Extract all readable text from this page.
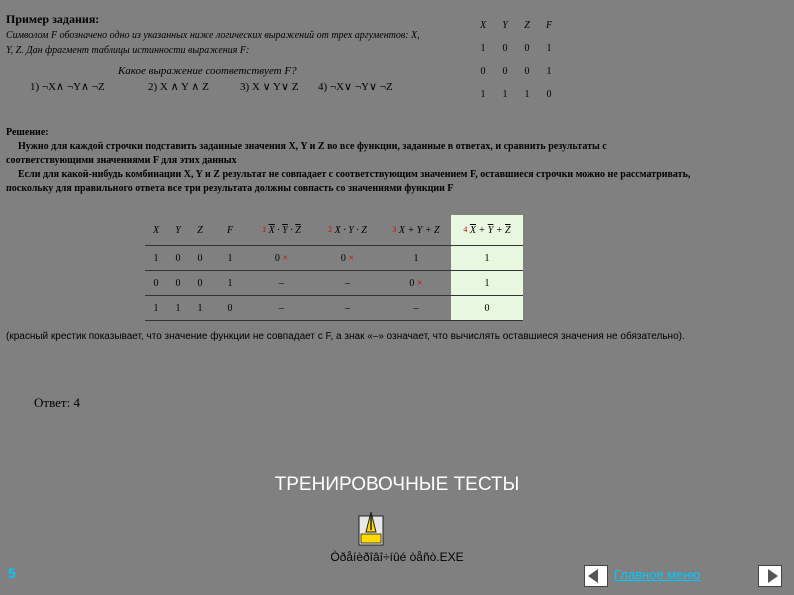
Пример задания:
Символом F обозначено одно из указанных ниже логических выражений от трех аргументов: X, Y, Z. Дан фрагмент таблицы истинности выражения F:
Какое выражение соответствует F?
1) ¬X∧ ¬Y∧ ¬Z	2) X ∧ Y ∧ Z	3) X ∨ Y∨ Z 4) ¬X∨ ¬Y∨ ¬Z
X	Y	Z	F
1	0	0	1
0	0	0	1
1	1	1	0

Решение:

Нужно для каждой строчки подставить заданные значения X, Y и Z во все функции, заданные в ответах, и сравнить результаты с соответствующими значениями F для этих данных

Если для какой-нибудь комбинации X, Y и Z результат не совпадает с соответствующим значением F, оставшиеся строчки можно не рассматривать, поскольку для правильного ответа все три результата должны совпасть со значениями функции F

X	Y	Z	F	$^1$ $\overline{X} \cdot \overline{Y} \cdot \overline{Z}$	$^2$ X · Y · Z	$^3$ X + Y + Z	$^4$ $\overline{X} + \overline{Y} + \overline{Z}$
1	0	0	1	0 ×	0 ×	1	1
0	0	0	1	–	–	0 ×	1
1	1	1	0	–	–	–	0
(красный крестик показывает, что значение функции не совпадает с F, а знак «–» означает, что вычислять оставшиеся значения не обязательно).
Ответ: 4
ТРЕНИРОВОЧНЫЕ ТЕСТЫ
Òðåíèðîâî÷íûé òåñò.EXE
5	Главное меню
